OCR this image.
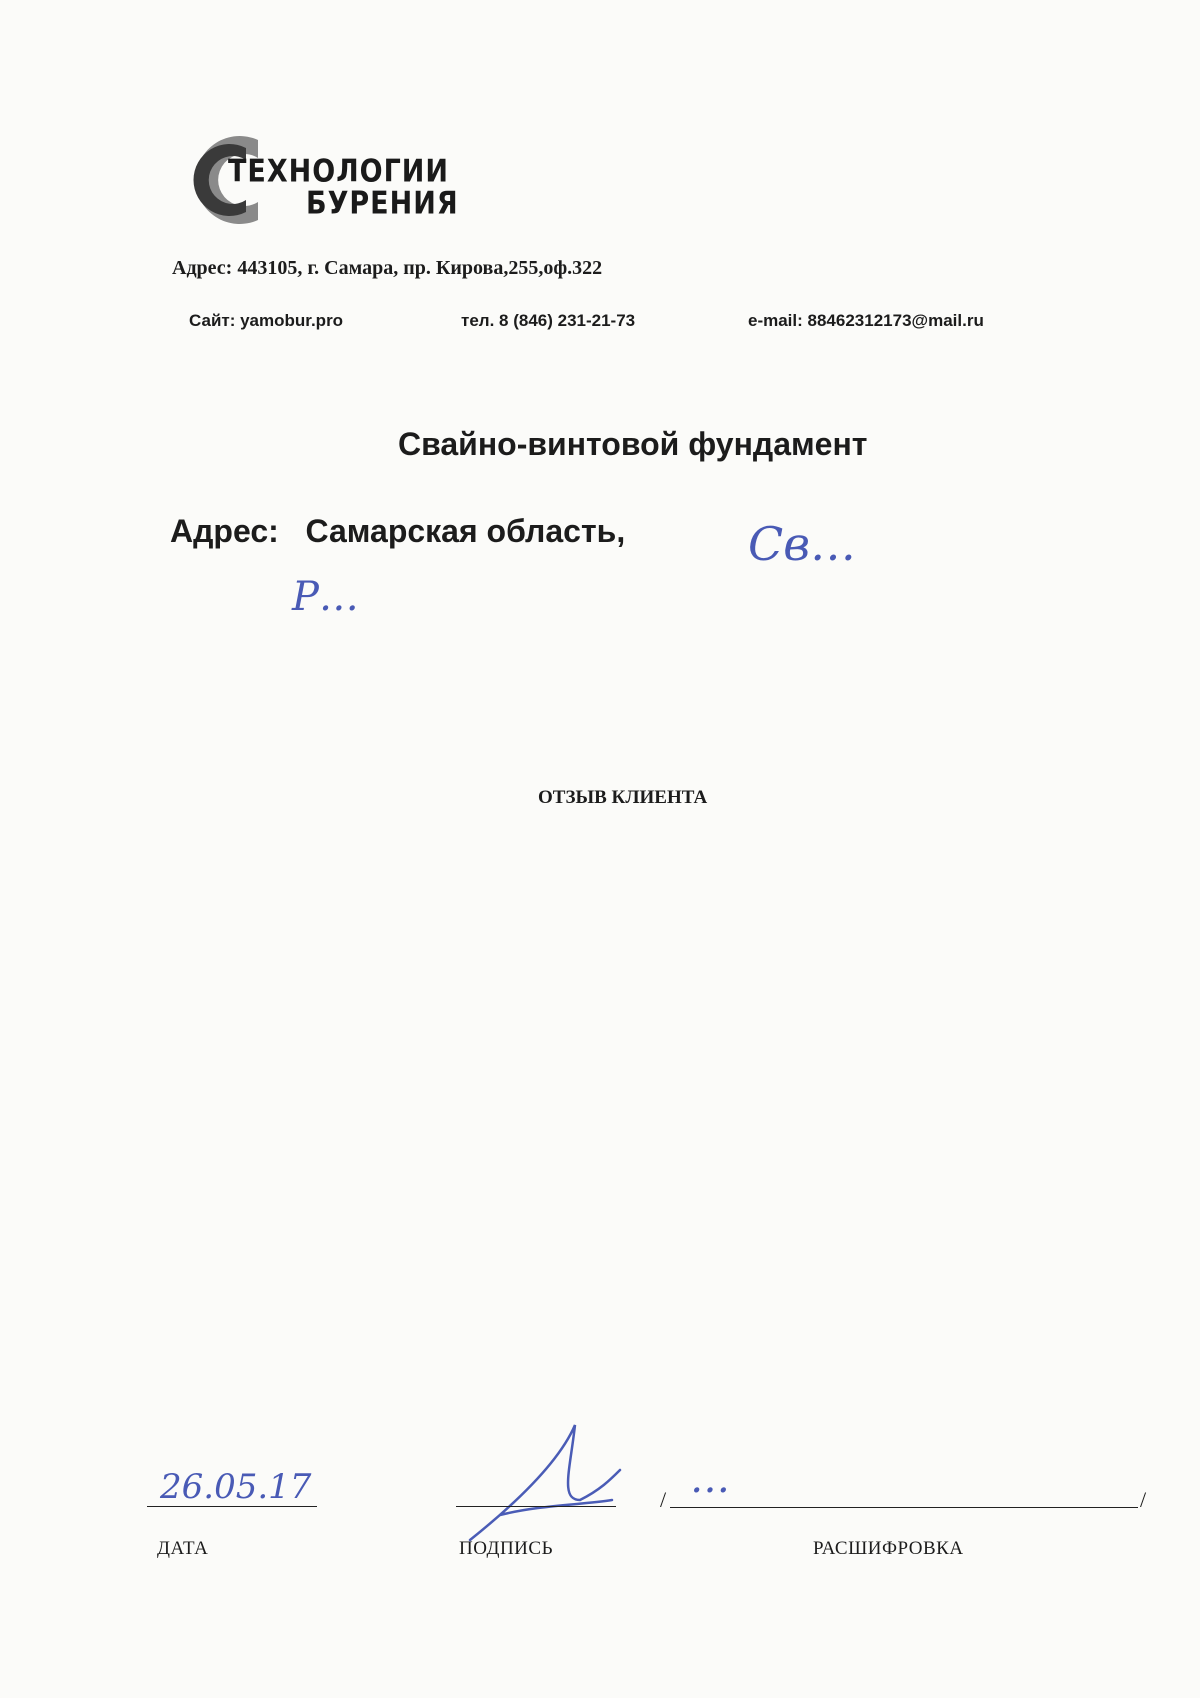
ТЕХНОЛОГИИ
БУРЕНИЯ
Адрес: 443105, г. Самара, пр. Кирова,255,оф.322
Сайт: yamobur.pro	тел. 8 (846) 231-21-73	e-mail: 88462312173@mail.ru
Свайно-винтовой фундамент
Адрес: Самарская область,
ОТЗЫВ КЛИЕНТА
Св…
Р…
26.05.17	…
/	/
ДАТА	ПОДПИСЬ	РАСШИФРОВКА
